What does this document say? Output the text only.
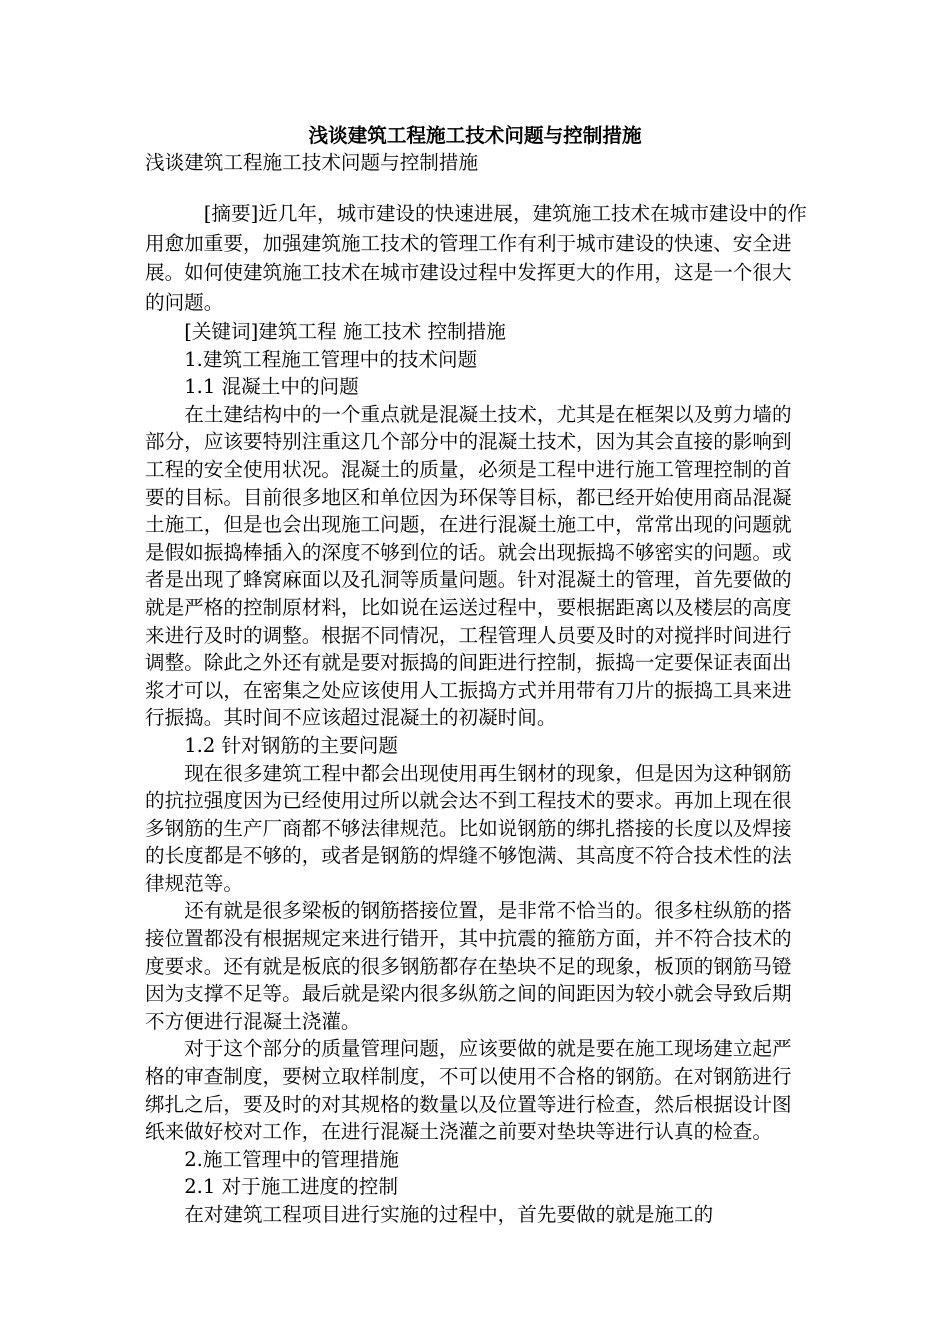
浅谈建筑工程施工技术问题与控制措施

浅谈建筑工程施工技术问题与控制措施

　[摘要]近几年，城市建设的快速进展，建筑施工技术在城市建设中的作用愈加重要，加强建筑施工技术的管理工作有利于城市建设的快速、安全进展。如何使建筑施工技术在城市建设过程中发挥更大的作用，这是一个很大的问题。

[关键词]建筑工程 施工技术 控制措施

1.建筑工程施工管理中的技术问题

1.1 混凝土中的问题

在土建结构中的一个重点就是混凝土技术，尤其是在框架以及剪力墙的部分，应该要特别注重这几个部分中的混凝土技术，因为其会直接的影响到工程的安全使用状况。混凝土的质量，必须是工程中进行施工管理控制的首要的目标。目前很多地区和单位因为环保等目标，都已经开始使用商品混凝土施工，但是也会出现施工问题，在进行混凝土施工中，常常出现的问题就是假如振捣棒插入的深度不够到位的话。就会出现振捣不够密实的问题。或者是出现了蜂窝麻面以及孔洞等质量问题。针对混凝土的管理，首先要做的就是严格的控制原材料，比如说在运送过程中，要根据距离以及楼层的高度来进行及时的调整。根据不同情况，工程管理人员要及时的对搅拌时间进行调整。除此之外还有就是要对振捣的间距进行控制，振捣一定要保证表面出浆才可以，在密集之处应该使用人工振捣方式并用带有刀片的振捣工具来进行振捣。其时间不应该超过混凝土的初凝时间。

1.2 针对钢筋的主要问题

现在很多建筑工程中都会出现使用再生钢材的现象，但是因为这种钢筋的抗拉强度因为已经使用过所以就会达不到工程技术的要求。再加上现在很多钢筋的生产厂商都不够法律规范。比如说钢筋的绑扎搭接的长度以及焊接的长度都是不够的，或者是钢筋的焊缝不够饱满、其高度不符合技术性的法律规范等。

还有就是很多梁板的钢筋搭接位置，是非常不恰当的。很多柱纵筋的搭接位置都没有根据规定来进行错开，其中抗震的箍筋方面，并不符合技术的度要求。还有就是板底的很多钢筋都存在垫块不足的现象，板顶的钢筋马镫因为支撑不足等。最后就是梁内很多纵筋之间的间距因为较小就会导致后期不方便进行混凝土浇灌。

对于这个部分的质量管理问题，应该要做的就是要在施工现场建立起严格的审查制度，要树立取样制度，不可以使用不合格的钢筋。在对钢筋进行绑扎之后，要及时的对其规格的数量以及位置等进行检查，然后根据设计图纸来做好校对工作，在进行混凝土浇灌之前要对垫块等进行认真的检查。

2.施工管理中的管理措施

2.1 对于施工进度的控制

在对建筑工程项目进行实施的过程中，首先要做的就是施工的
